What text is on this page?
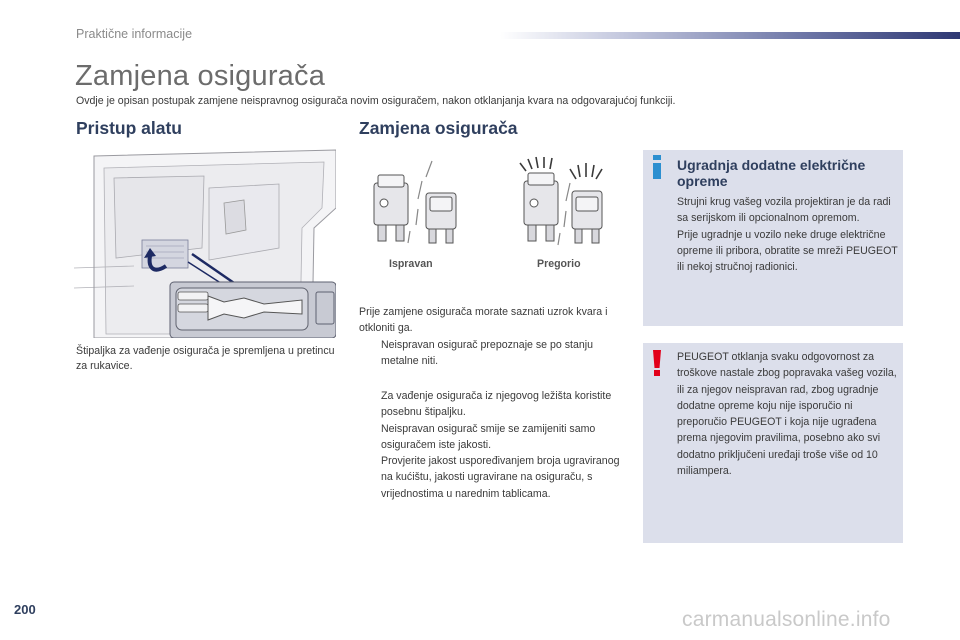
Praktične informacije
Zamjena osigurača
Ovdje je opisan postupak zamjene neispravnog osigurača novim osiguračem, nakon otklanjanja kvara na odgovarajućoj funkciji.
Pristup alatu	Zamjena osigurača
Ispravan	Pregorio
Štipaljka za vađenje osigurača je spremljena u pretincu za rukavice.

Prije zamjene osigurača morate saznati uzrok kvara i otkloniti ga.

Neispravan osigurač prepoznaje se po stanju metalne niti.
Za vađenje osigurača iz njegovog ležišta koristite posebnu štipaljku.
Neispravan osigurač smije se zamijeniti samo osiguračem iste jakosti.
Provjerite jakost uspoređivanjem broja ugraviranog na kućištu, jakosti ugravirane na osiguraču, s vrijednostima u narednim tablicama.
Ugradnja dodatne električne opreme
Strujni krug vašeg vozila projektiran je da radi sa serijskom ili opcionalnom opremom.
Prije ugradnje u vozilo neke druge električne opreme ili pribora, obratite se mreži PEUGEOT ili nekoj stručnoj radionici.
PEUGEOT otklanja svaku odgovornost za troškove nastale zbog popravaka vašeg vozila, ili za njegov neispravan rad, zbog ugradnje dodatne opreme koju nije isporučio ni preporučio PEUGEOT i koja nije ugrađena prema njegovim pravilima, posebno ako svi dodatno priključeni uređaji troše više od 10 miliampera.
200	carmanualsonline.info
